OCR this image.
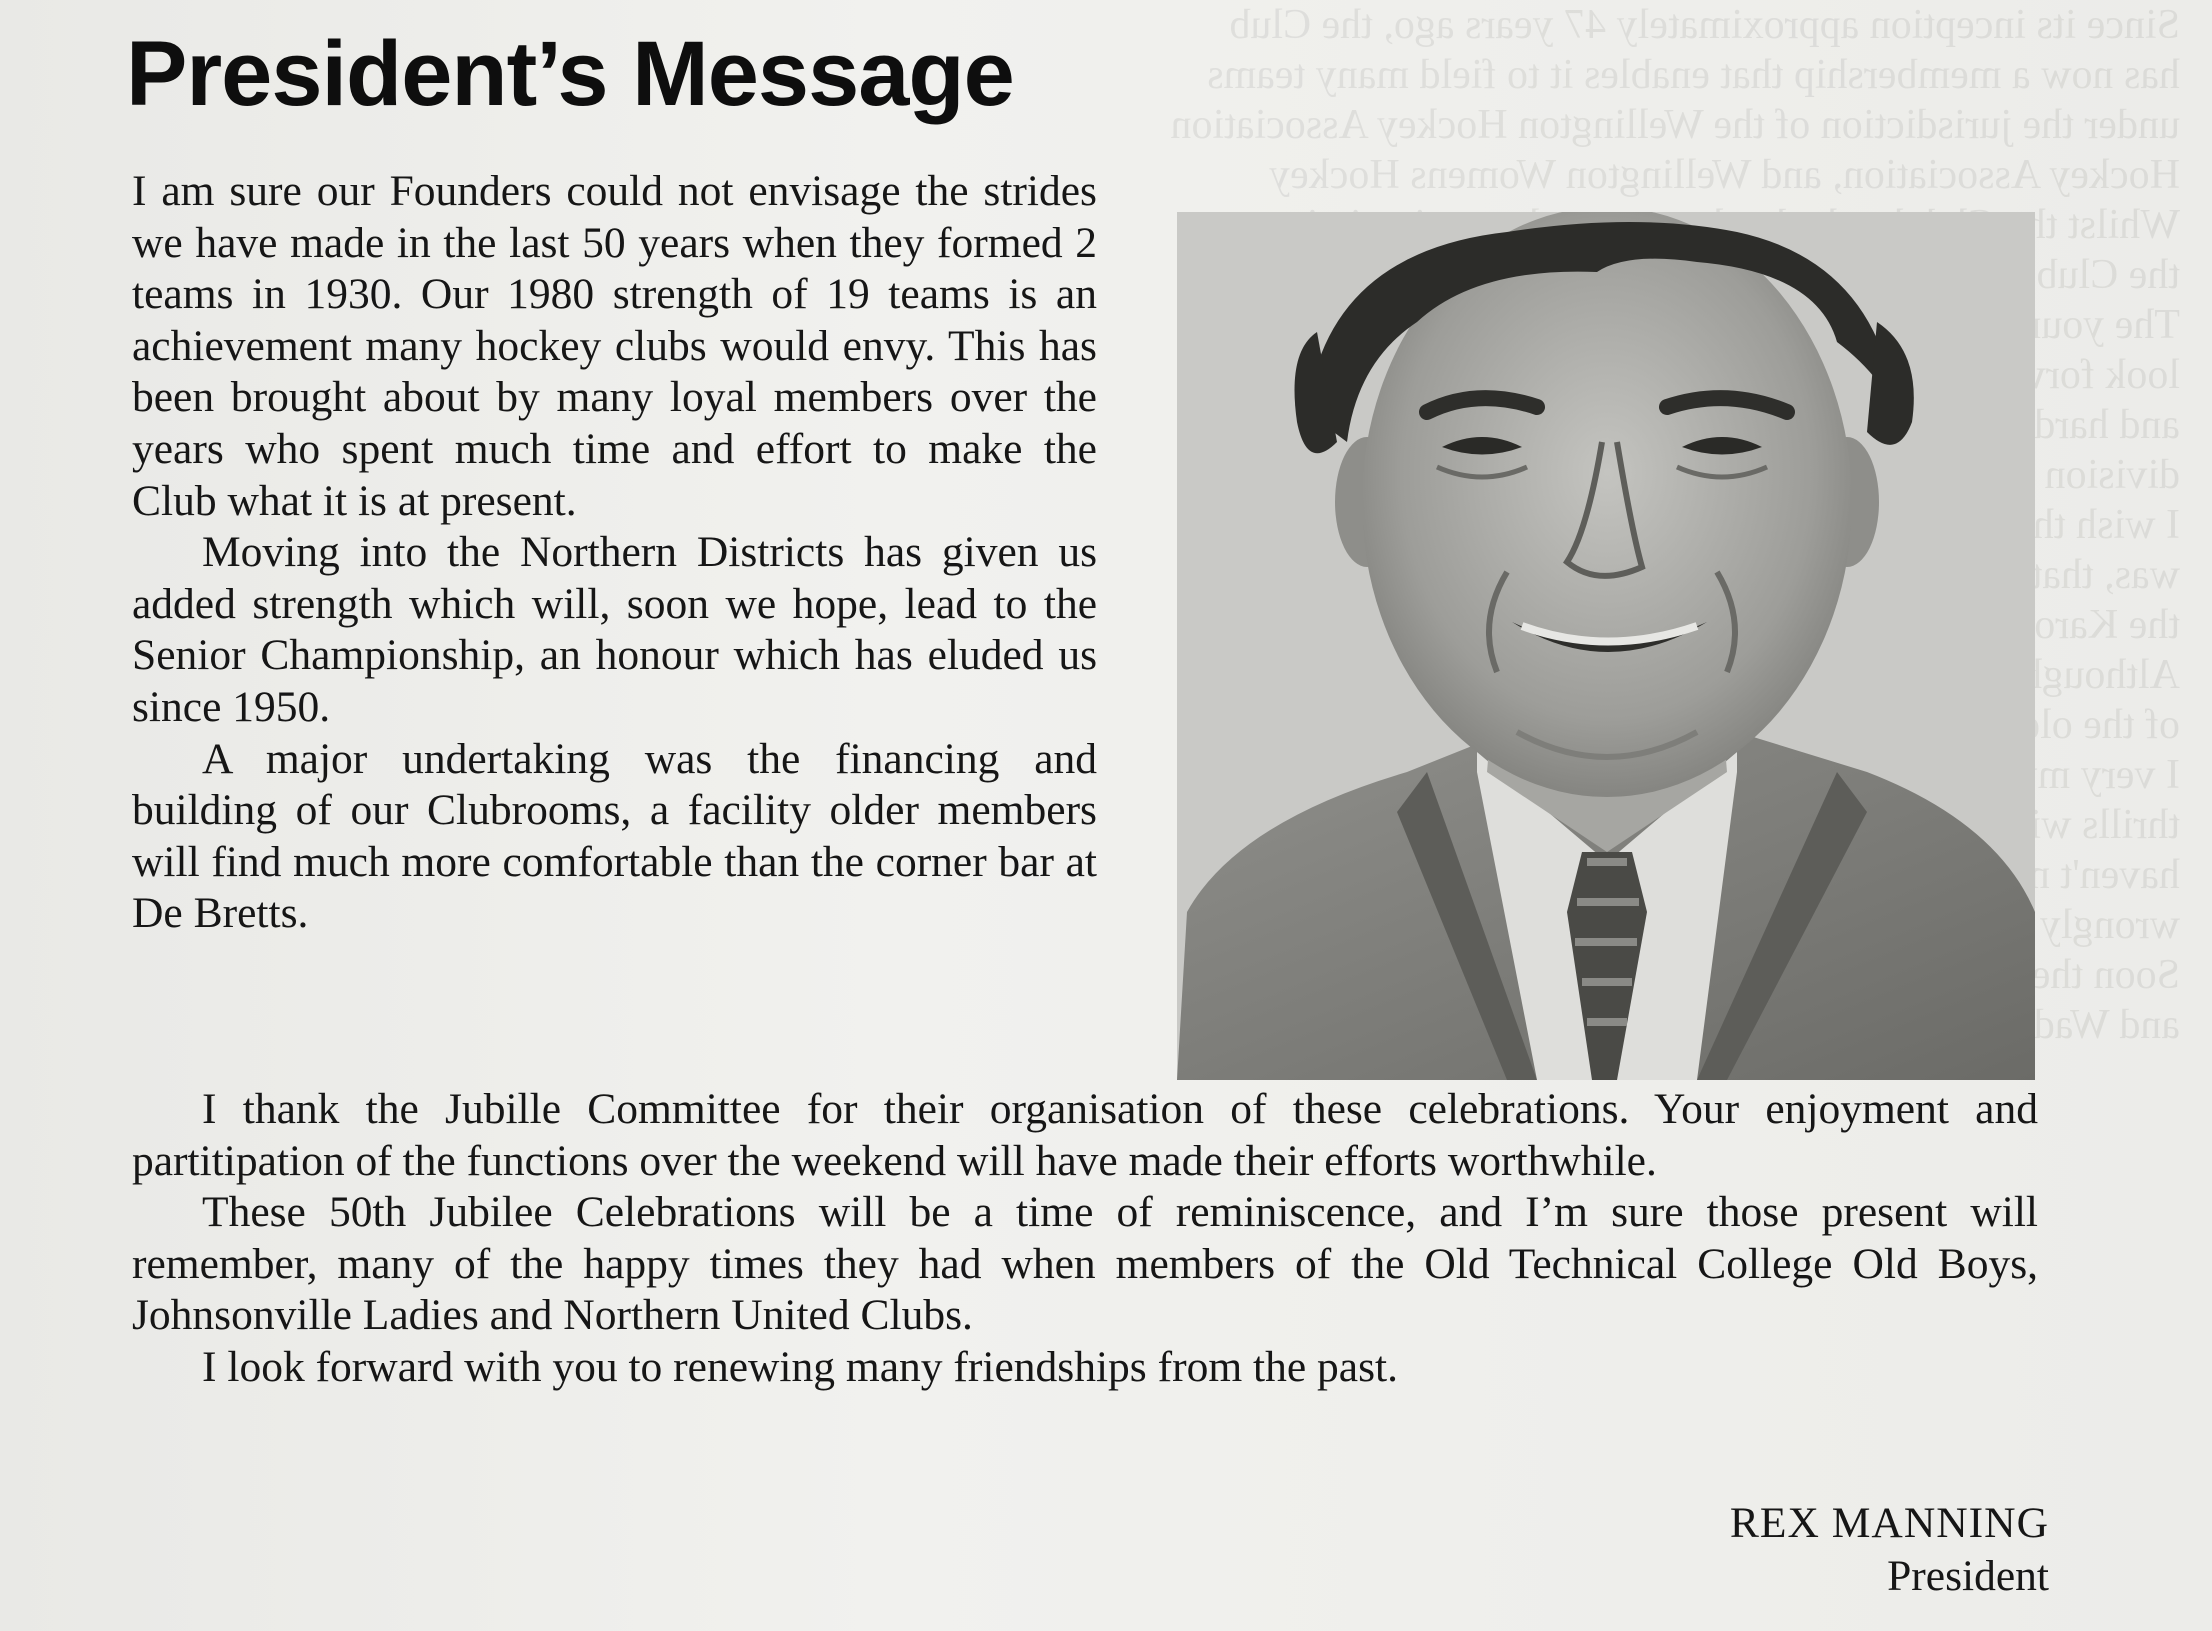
Since its inception approximately 47 years ago, the Club
has now a membership that enables it to field many teams
under the jurisdiction of the Wellington Hockey Association
Hockey Association, and Wellington Womens Hockey
Whilst
the Club
The younger
look
and hard
division
I wish the
was, that
the Karori
Although
of the old
I very
thrills
haven't
wrongly
Soon there
and Wadestown.
President’s Message

I am sure our Founders could not envisage the strides we have made in the last 50 years when they formed 2 teams in 1930. Our 1980 strength of 19 teams is an achievement many hockey clubs would envy. This has been brought about by many loyal members over the years who spent much time and effort to make the Club what it is at present.

Moving into the Northern Districts has given us added strength which will, soon we hope, lead to the Senior Championship, an honour which has eluded us since 1950.

A major undertaking was the financing and building of our Clubrooms, a facility older members will find much more comfortable than the corner bar at De Bretts.

I thank the Jubille Committee for their organisation of these celebrations. Your enjoyment and partitipation of the functions over the weekend will have made their efforts worthwhile.

These 50th Jubilee Celebrations will be a time of reminiscence, and I’m sure those present will remember, many of the happy times they had when members of the Old Technical College Old Boys, Johnsonville Ladies and Northern United Clubs.

I look forward with you to renewing many friendships from the past.

REX MANNING
President
